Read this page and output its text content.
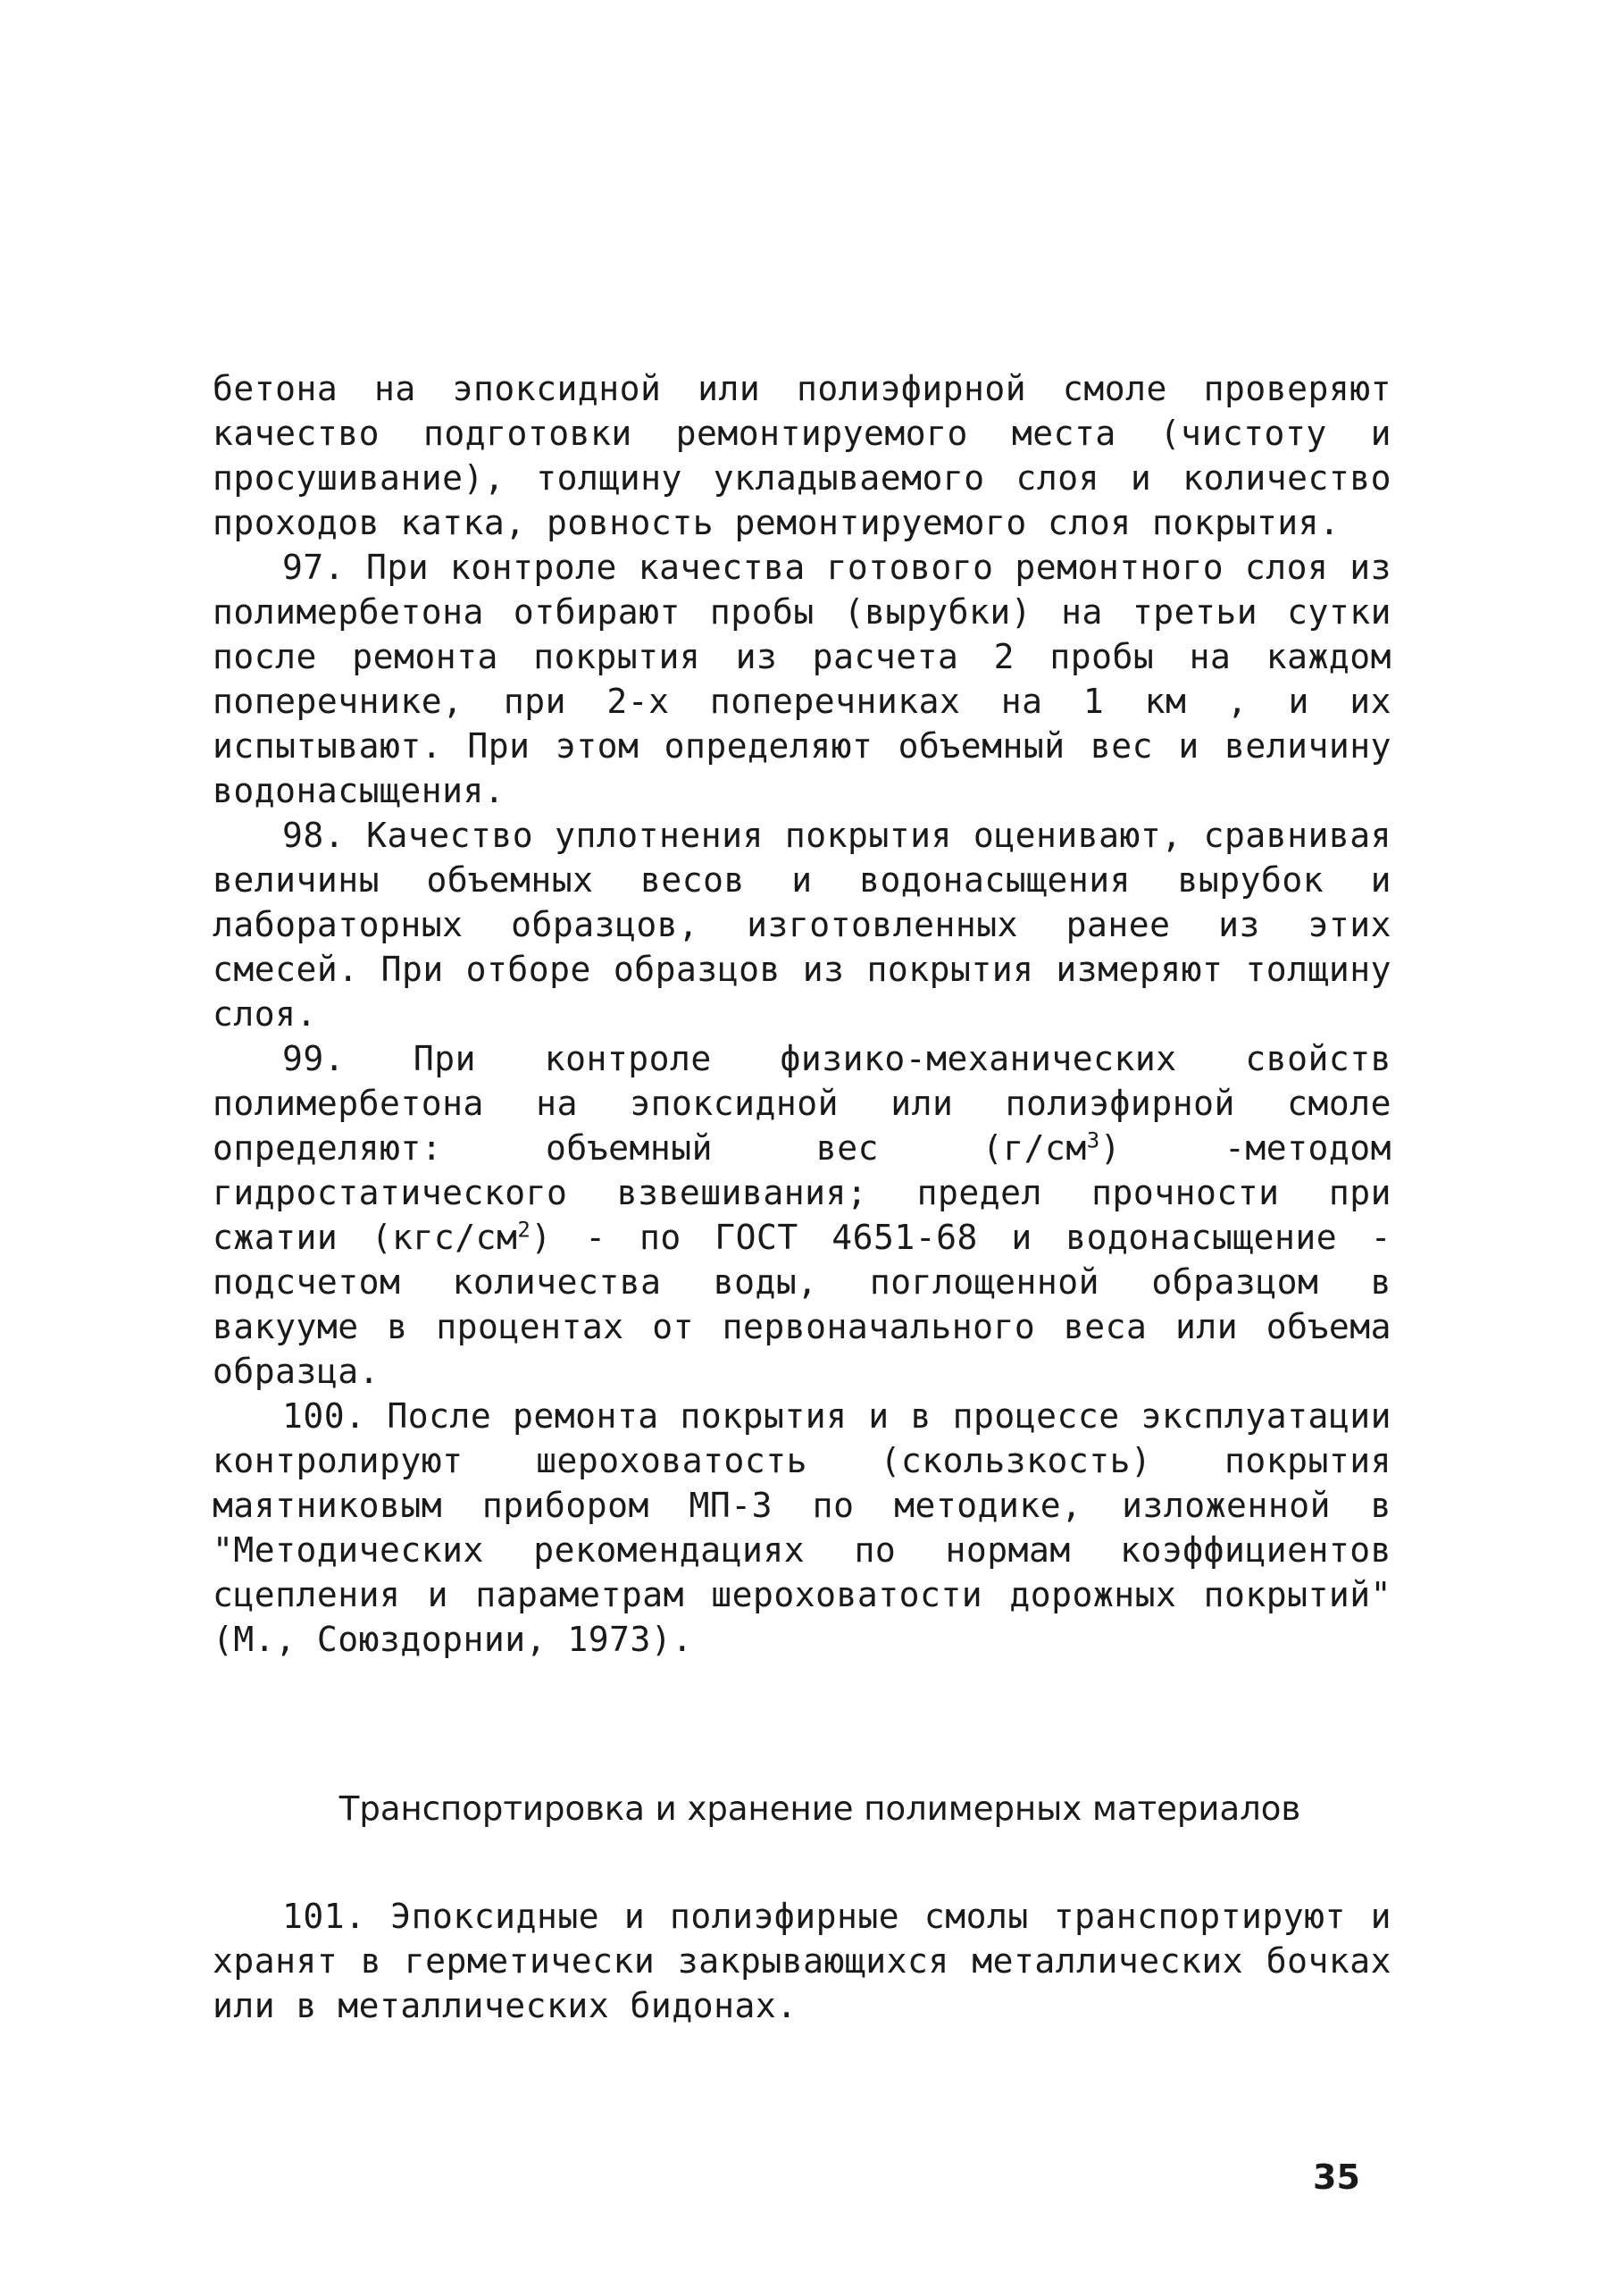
бетона на эпоксидной или полиэфирной смоле проверяют качество подготовки ремонтируемого места (чистоту и просушивание), толщину укладываемого слоя и количество проходов катка, ровность ремонтируемого слоя покрытия.

97. При контроле качества готового ремонтного слоя из полимербетона отбирают пробы (вырубки) на третьи сутки после ремонта покрытия из расчета 2 пробы на каждом поперечнике, при 2-х поперечниках на 1 км , и их испытывают. При этом определяют объемный вес и величину водонасыщения.

98. Качество уплотнения покрытия оценивают, сравнивая величины объемных весов и водонасыщения вырубок и лабораторных образцов, изготовленных ранее из этих смесей. При отборе образцов из покрытия измеряют толщину слоя.

99. При контроле физико-механических свойств полимербетона на эпоксидной или полиэфирной смоле определяют: объемный вес $(г/см^3)$ -методом гидростатического взвешивания; предел прочности при сжатии $(кгс/см^2)$ - по ГОСТ 4651-68 и водонасыщение - подсчетом количества воды, поглощенной образцом в вакууме в процентах от первоначального веса или объема образца.

100. После ремонта покрытия и в процессе эксплуатации контролируют шероховатость (скользкость) покрытия маятниковым прибором МП-3 по методике, изложенной в "Методических рекомендациях по нормам коэффициентов сцепления и параметрам шероховатости дорожных покрытий" (М., Союздорнии, 1973).

Транспортировка и хранение полимерных материалов

101. Эпоксидные и полиэфирные смолы транспортируют и хранят в герметически закрывающихся металлических бочках или в металлических бидонах.

35
